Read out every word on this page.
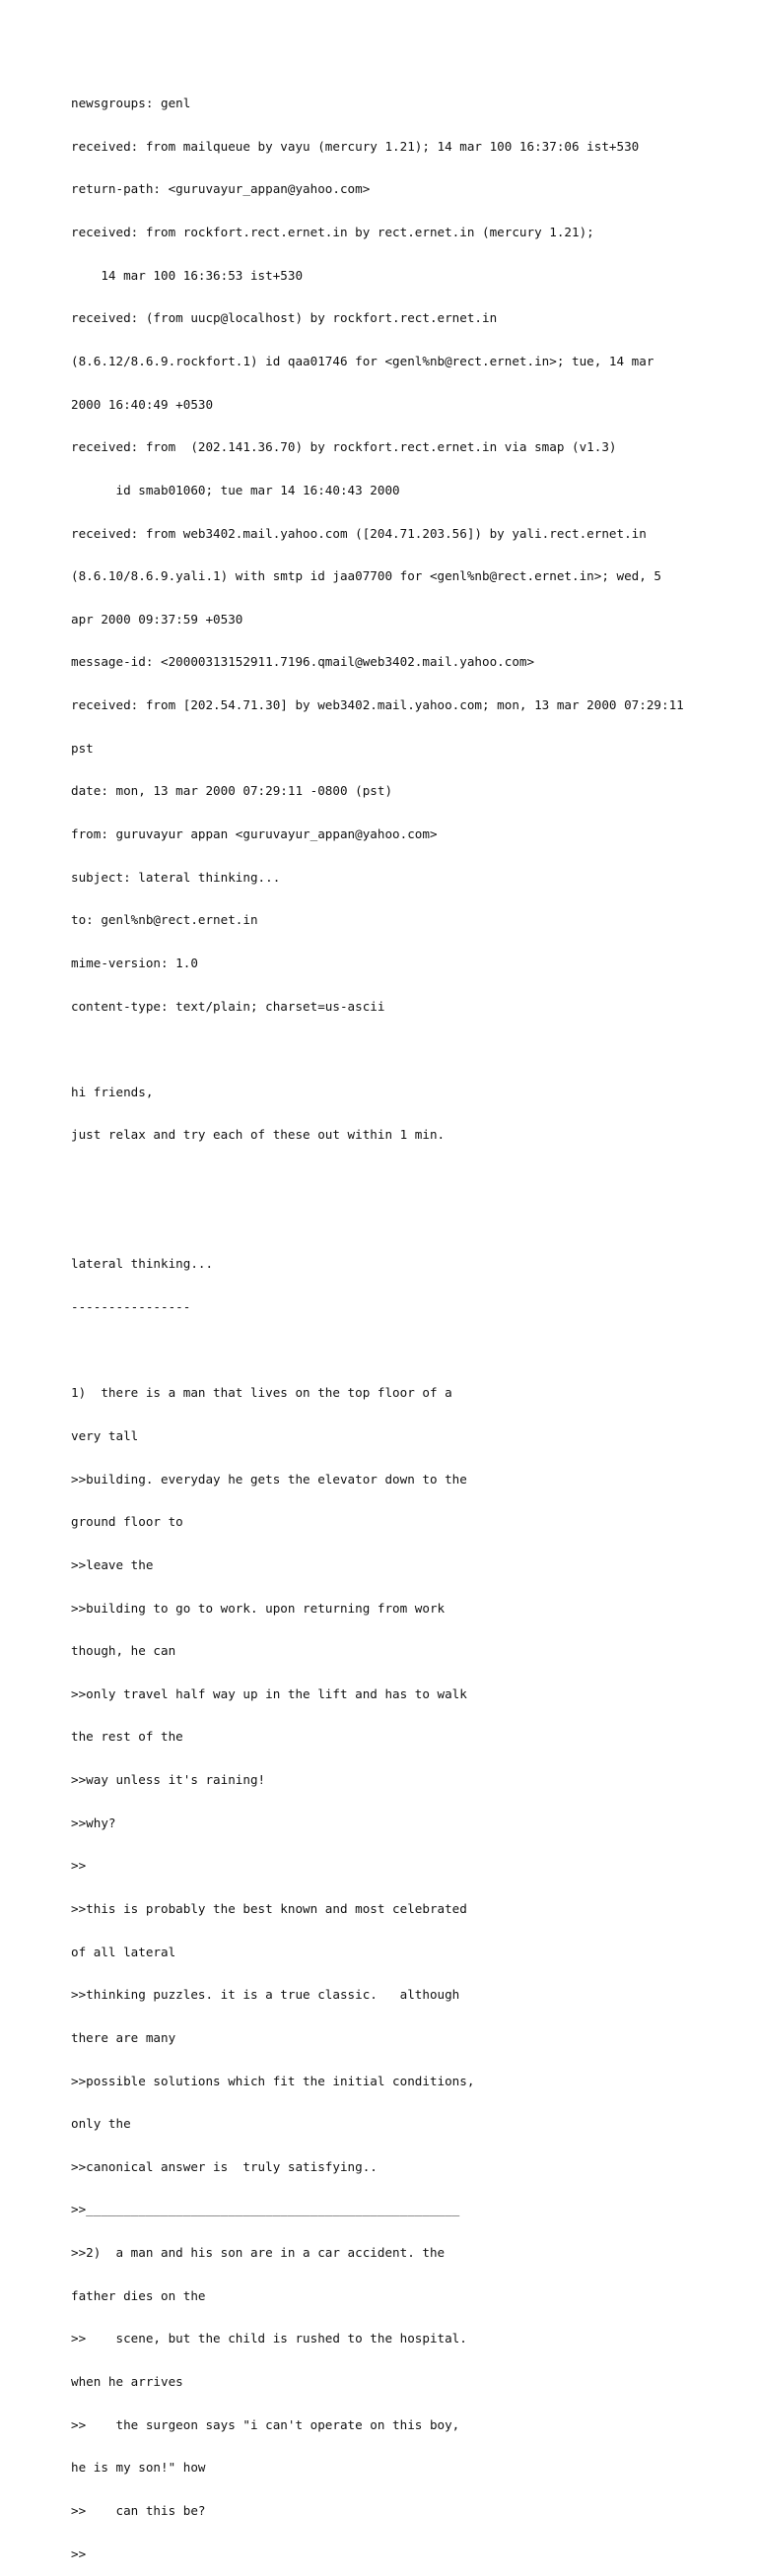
newsgroups: genl

received: from mailqueue by vayu (mercury 1.21); 14 mar 100 16:37:06 ist+530

return-path: <guruvayur_appan@yahoo.com>

received: from rockfort.rect.ernet.in by rect.ernet.in (mercury 1.21);

14 mar 100 16:36:53 ist+530

received: (from uucp@localhost) by rockfort.rect.ernet.in

(8.6.12/8.6.9.rockfort.1) id qaa01746 for <genl%nb@rect.ernet.in>; tue, 14 mar

2000 16:40:49 +0530

received: from  (202.141.36.70) by rockfort.rect.ernet.in via smap (v1.3)

id smab01060; tue mar 14 16:40:43 2000

received: from web3402.mail.yahoo.com ([204.71.203.56]) by yali.rect.ernet.in

(8.6.10/8.6.9.yali.1) with smtp id jaa07700 for <genl%nb@rect.ernet.in>; wed, 5

apr 2000 09:37:59 +0530

message-id: <20000313152911.7196.qmail@web3402.mail.yahoo.com>

received: from [202.54.71.30] by web3402.mail.yahoo.com; mon, 13 mar 2000 07:29:11

pst

date: mon, 13 mar 2000 07:29:11 -0800 (pst)

from: guruvayur appan <guruvayur_appan@yahoo.com>

subject: lateral thinking...

to: genl%nb@rect.ernet.in

mime-version: 1.0

content-type: text/plain; charset=us-ascii

hi friends,

just relax and try each of these out within 1 min.

lateral thinking...

----------------

1)  there is a man that lives on the top floor of a

very tall

>>building. everyday he gets the elevator down to the

ground floor to

>>leave the

>>building to go to work. upon returning from work

though, he can

>>only travel half way up in the lift and has to walk

the rest of the

>>way unless it's raining!

>>why?

>>

>>this is probably the best known and most celebrated

of all lateral

>>thinking puzzles. it is a true classic.   although

there are many

>>possible solutions which fit the initial conditions,

only the

>>canonical answer is  truly satisfying..

>>__________________________________________________

>>2)  a man and his son are in a car accident. the

father dies on the

>>    scene, but the child is rushed to the hospital.

when he arrives

>>    the surgeon says "i can't operate on this boy,

he is my son!" how

>>    can this be?

>>
